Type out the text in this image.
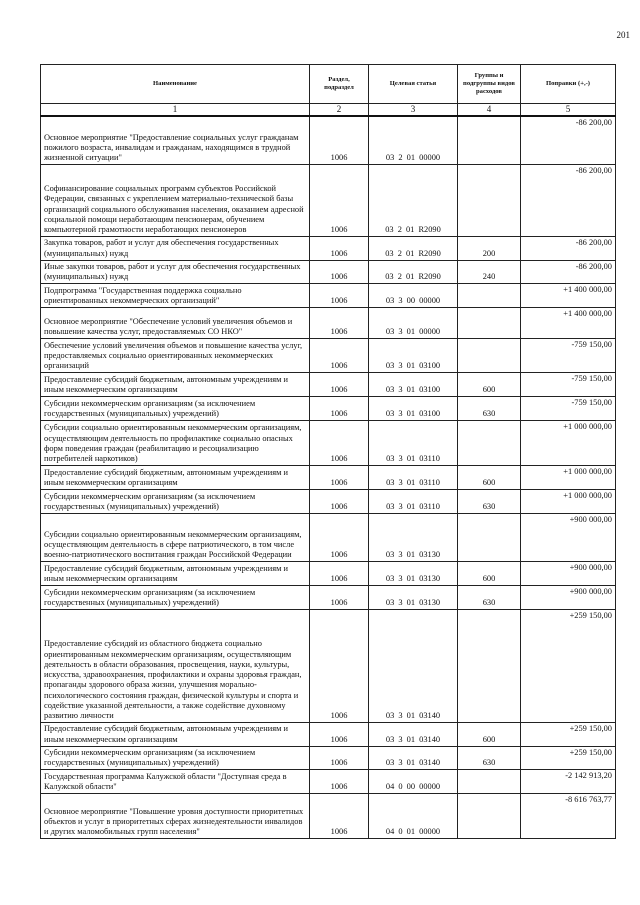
201
Наименование	Раздел, подраздел	Целевая статья	Группы и подгруппы видов расходов	Поправки (+,-)
1	2	3	4	5
Основное мероприятие "Предоставление социальных услуг гражданам пожилого возраста, инвалидам и гражданам, находящимся в трудной жизненной ситуации"	1006	03 2 01 00000		-86 200,00
Софинансирование социальных программ субъектов Российской Федерации, связанных с укреплением материально-технической базы организаций социального обслуживания населения, оказанием адресной социальной помощи неработающим пенсионерам, обучением компьютерной грамотности неработающих пенсионеров	1006	03 2 01 R2090		-86 200,00
Закупка товаров, работ и услуг для обеспечения государственных (муниципальных) нужд	1006	03 2 01 R2090	200	-86 200,00
Иные закупки товаров, работ и услуг для обеспечения государственных (муниципальных) нужд	1006	03 2 01 R2090	240	-86 200,00
Подпрограмма "Государственная поддержка социально ориентированных некоммерческих организаций"	1006	03 3 00 00000		+1 400 000,00
Основное мероприятие "Обеспечение условий увеличения объемов и повышение качества услуг, предоставляемых СО НКО"	1006	03 3 01 00000		+1 400 000,00
Обеспечение условий увеличения объемов и повышение качества услуг, предоставляемых социально ориентированных некоммерческих организаций	1006	03 3 01 03100		-759 150,00
Предоставление субсидий бюджетным, автономным учреждениям и иным некоммерческим организациям	1006	03 3 01 03100	600	-759 150,00
Субсидии некоммерческим организациям (за исключением государственных (муниципальных) учреждений)	1006	03 3 01 03100	630	-759 150,00
Субсидии социально ориентированным некоммерческим организациям, осуществляющим деятельность по профилактике социально опасных форм поведения граждан (реабилитацию и ресоциализацию потребителей наркотиков)	1006	03 3 01 03110		+1 000 000,00
Предоставление субсидий бюджетным, автономным учреждениям и иным некоммерческим организациям	1006	03 3 01 03110	600	+1 000 000,00
Субсидии некоммерческим организациям (за исключением государственных (муниципальных) учреждений)	1006	03 3 01 03110	630	+1 000 000,00
Субсидии социально ориентированным некоммерческим организациям, осуществляющим деятельность в сфере патриотического, в том числе военно-патриотического воспитания граждан Российской Федерации	1006	03 3 01 03130		+900 000,00
Предоставление субсидий бюджетным, автономным учреждениям и иным некоммерческим организациям	1006	03 3 01 03130	600	+900 000,00
Субсидии некоммерческим организациям (за исключением государственных (муниципальных) учреждений)	1006	03 3 01 03130	630	+900 000,00
Предоставление субсидий из областного бюджета социально ориентированным некоммерческим организациям, осуществляющим деятельность в области образования, просвещения, науки, культуры, искусства, здравоохранения, профилактики и охраны здоровья граждан, пропаганды здорового образа жизни, улучшения морально-психологического состояния граждан, физической культуры и спорта и содействие указанной деятельности, а также содействие духовному развитию личности	1006	03 3 01 03140		+259 150,00
Предоставление субсидий бюджетным, автономным учреждениям и иным некоммерческим организациям	1006	03 3 01 03140	600	+259 150,00
Субсидии некоммерческим организациям (за исключением государственных (муниципальных) учреждений)	1006	03 3 01 03140	630	+259 150,00
Государственная программа Калужской области "Доступная среда в Калужской области"	1006	04 0 00 00000		-2 142 913,20
Основное мероприятие "Повышение уровня доступности приоритетных объектов и услуг в приоритетных сферах жизнедеятельности инвалидов и других маломобильных групп населения"	1006	04 0 01 00000		-8 616 763,77
